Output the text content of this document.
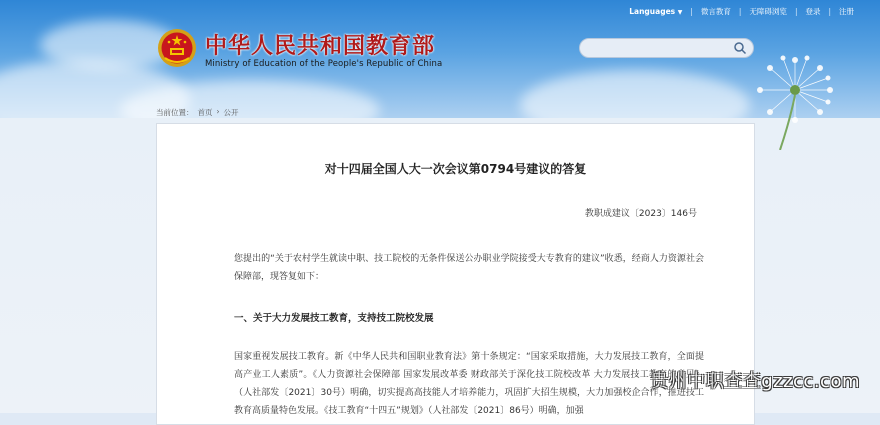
Languages ▼ | 微言教育 | 无障碍浏览 | 登录 | 注册
中华人民共和国教育部
Ministry of Education of the People's Republic of China
当前位置： 首页 › 公开
对十四届全国人大一次会议第0794号建议的答复
教职成建议〔2023〕146号
您提出的“关于农村学生就读中职、技工院校的无条件保送公办职业学院接受大专教育的建议”收悉，经商人力资源社会保障部，现答复如下：
一、关于大力发展技工教育，支持技工院校发展
国家重视发展技工教育。新《中华人民共和国职业教育法》第十条规定：“国家采取措施，大力发展技工教育，全面提高产业工人素质”。《人力资源社会保障部 国家发展改革委 财政部关于深化技工院校改革 大力发展技工教育的意见》（人社部发〔2021〕30号）明确，切实提高高技能人才培养能力，巩固扩大招生规模，大力加强校企合作，推进技工教育高质量特色发展。《技工教育“十四五”规划》（人社部发〔2021〕86号）明确，加强
贵州中职查查gzzcc.com
